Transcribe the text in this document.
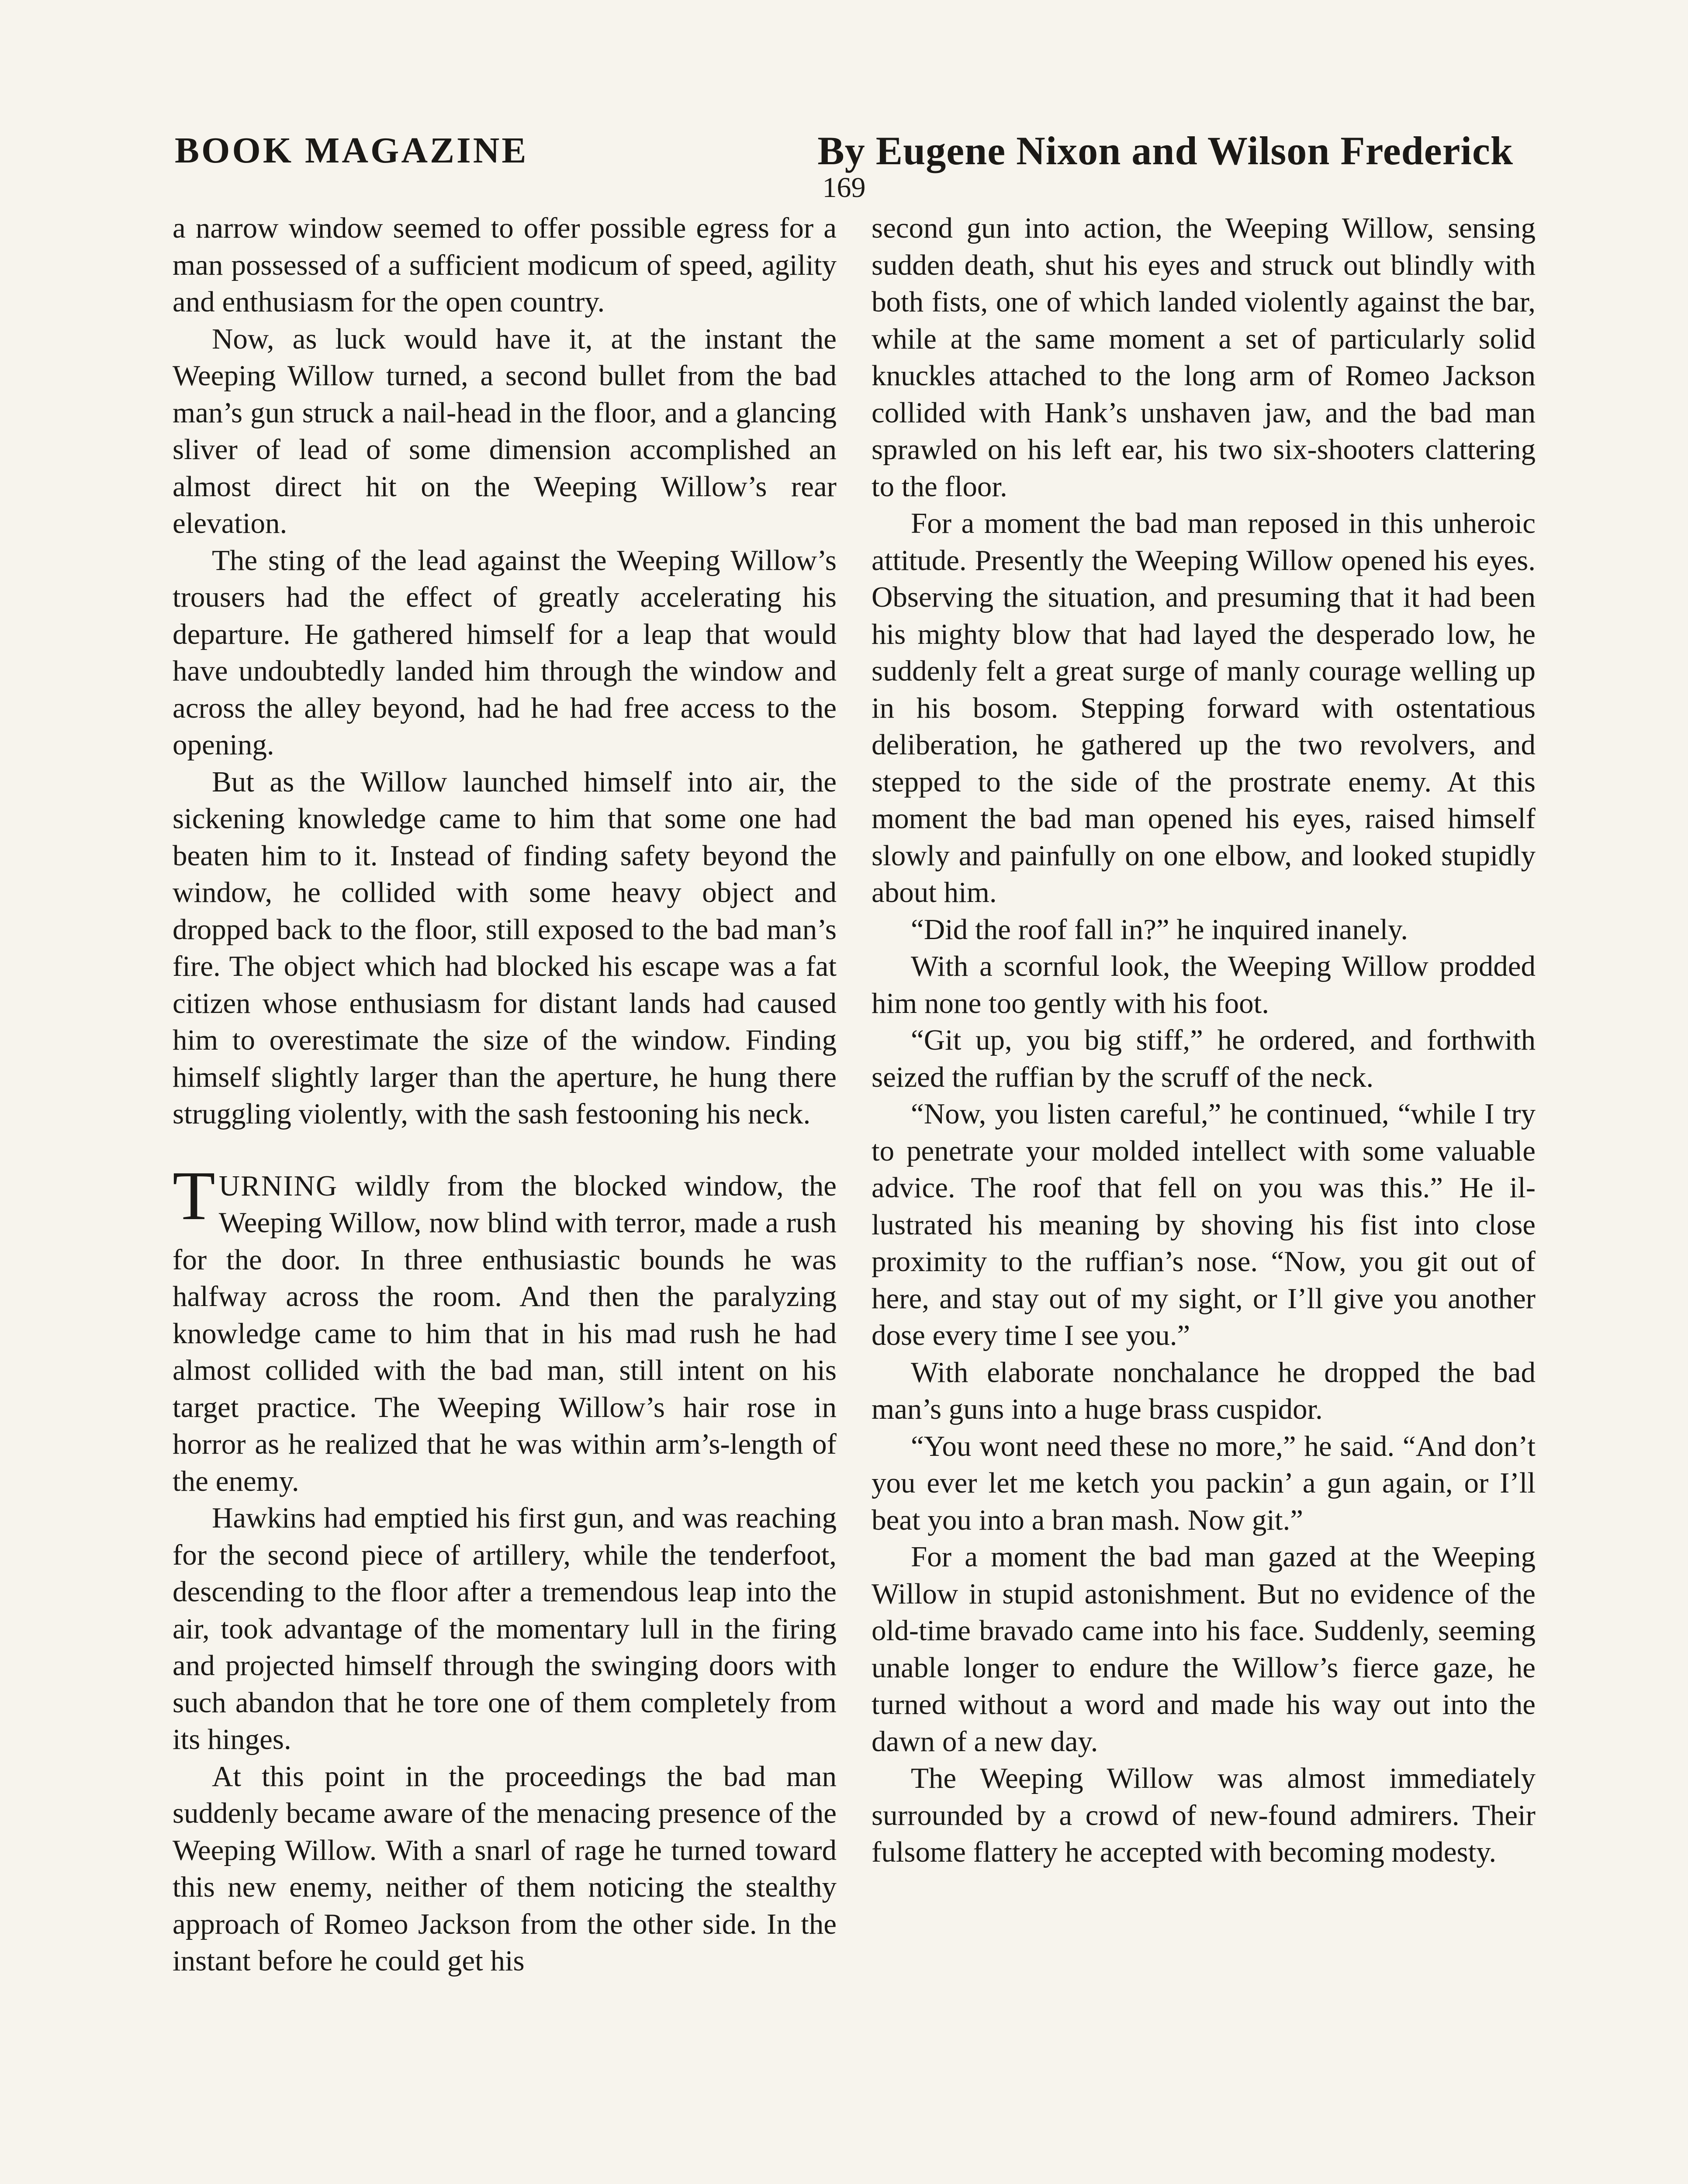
BOOK MAGAZINE	By Eugene Nixon and Wilson Frederick
169

a narrow window seemed to offer possible egress for a man possessed of a sufficient modicum of speed, agility and enthusiasm for the open country.

Now, as luck would have it, at the instant the Weeping Willow turned, a second bullet from the bad man’s gun struck a nail-head in the floor, and a glancing sliver of lead of some dimension accomplished an almost direct hit on the Weeping Willow’s rear elevation.

The sting of the lead against the Weeping Willow’s trousers had the effect of greatly accelerating his departure. He gathered himself for a leap that would have undoubtedly landed him through the window and across the alley beyond, had he had free access to the opening.

But as the Willow launched himself into air, the sickening knowledge came to him that some one had beaten him to it. Instead of finding safety beyond the window, he collided with some heavy object and dropped back to the floor, still exposed to the bad man’s fire. The object which had blocked his escape was a fat citizen whose enthusiasm for distant lands had caused him to overestimate the size of the window. Finding himself slightly larger than the aperture, he hung there struggling violently, with the sash festooning his neck.

TURNING wildly from the blocked window, the Weeping Willow, now blind with terror, made a rush for the door. In three enthusiastic bounds he was halfway across the room. And then the paralyzing knowledge came to him that in his mad rush he had almost collided with the bad man, still intent on his target practice. The Weeping Willow’s hair rose in horror as he realized that he was within arm’s-length of the enemy.

Hawkins had emptied his first gun, and was reaching for the second piece of artillery, while the tenderfoot, descending to the floor after a tremendous leap into the air, took advantage of the momentary lull in the firing and projected himself through the swinging doors with such abandon that he tore one of them completely from its hinges.

At this point in the proceedings the bad man suddenly became aware of the menacing presence of the Weeping Willow. With a snarl of rage he turned toward this new enemy, neither of them noticing the stealthy approach of Romeo Jackson from the other side. In the instant before he could get his

second gun into action, the Weeping Willow, sensing sudden death, shut his eyes and struck out blindly with both fists, one of which landed violently against the bar, while at the same moment a set of particularly solid knuckles attached to the long arm of Romeo Jackson collided with Hank’s unshaven jaw, and the bad man sprawled on his left ear, his two six-shooters clattering to the floor.

For a moment the bad man reposed in this unheroic attitude. Presently the Weeping Willow opened his eyes. Observing the situation, and presuming that it had been his mighty blow that had layed the desperado low, he suddenly felt a great surge of manly courage welling up in his bosom. Stepping forward with ostentatious deliberation, he gathered up the two revolvers, and stepped to the side of the prostrate enemy. At this moment the bad man opened his eyes, raised himself slowly and painfully on one elbow, and looked stupidly about him.

“Did the roof fall in?” he inquired inanely.

With a scornful look, the Weeping Willow prodded him none too gently with his foot.

“Git up, you big stiff,” he ordered, and forthwith seized the ruffian by the scruff of the neck.

“Now, you listen careful,” he continued, “while I try to penetrate your molded intellect with some valuable advice. The roof that fell on you was this.” He illustrated his meaning by shoving his fist into close proximity to the ruffian’s nose. “Now, you git out of here, and stay out of my sight, or I’ll give you another dose every time I see you.”

With elaborate nonchalance he dropped the bad man’s guns into a huge brass cuspidor.

“You wont need these no more,” he said. “And don’t you ever let me ketch you packin’ a gun again, or I’ll beat you into a bran mash. Now git.”

For a moment the bad man gazed at the Weeping Willow in stupid astonishment. But no evidence of the old-time bravado came into his face. Suddenly, seeming unable longer to endure the Willow’s fierce gaze, he turned without a word and made his way out into the dawn of a new day.

The Weeping Willow was almost immediately surrounded by a crowd of new-found admirers. Their fulsome flattery he accepted with becoming modesty.
